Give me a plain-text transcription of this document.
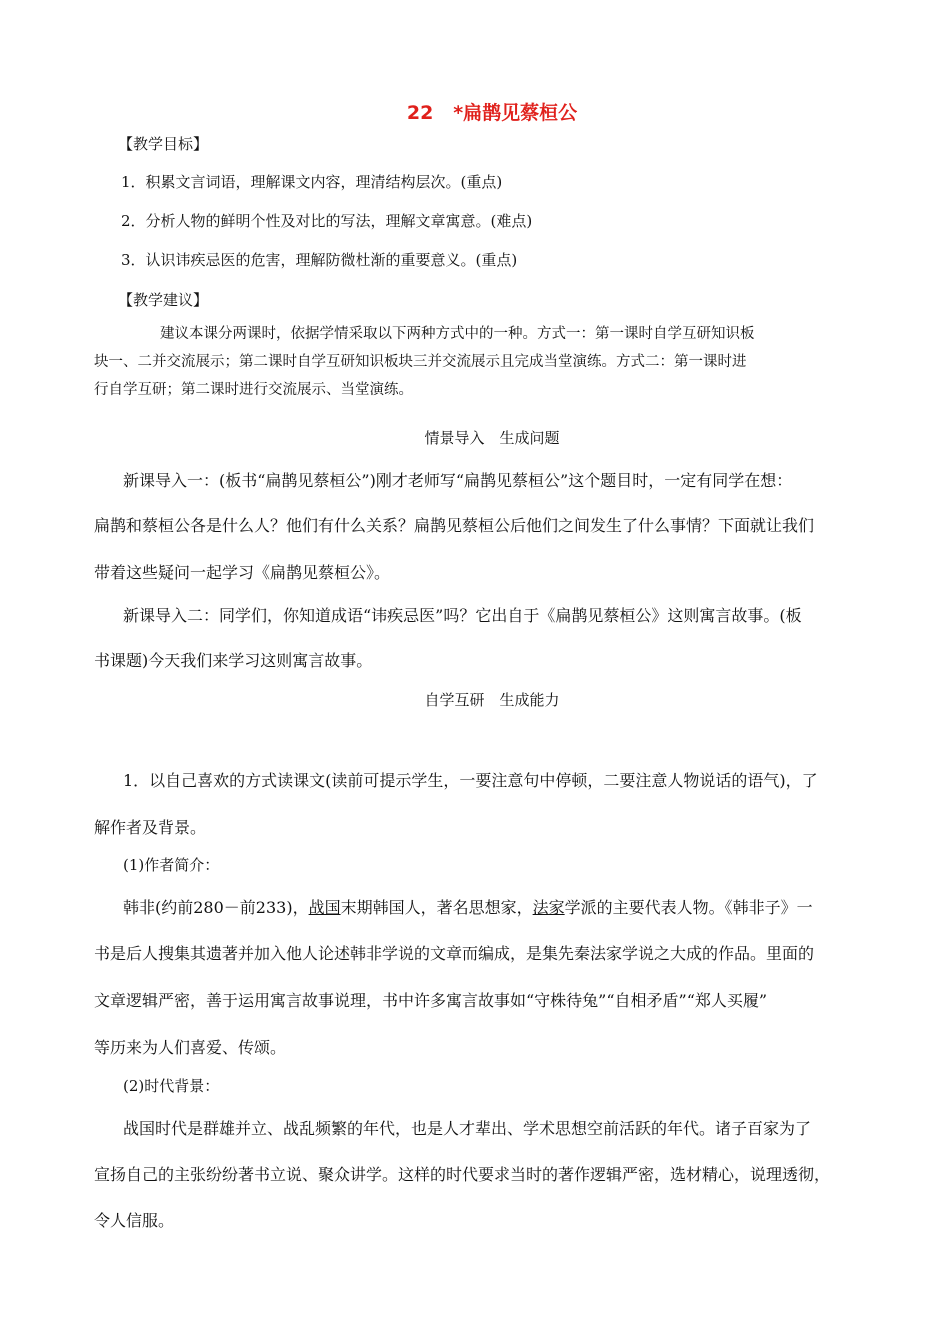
22 *扁鹊见蔡桓公
【教学目标】
1．积累文言词语，理解课文内容，理清结构层次。(重点)
2．分析人物的鲜明个性及对比的写法，理解文章寓意。(难点)
3．认识讳疾忌医的危害，理解防微杜渐的重要意义。(重点)
【教学建议】
建议本课分两课时，依据学情采取以下两种方式中的一种。方式一：第一课时自学互研知识板
块一、二并交流展示；第二课时自学互研知识板块三并交流展示且完成当堂演练。方式二：第一课时进
行自学互研；第二课时进行交流展示、当堂演练。
情景导入　生成问题
新课导入一：(板书“扁鹊见蔡桓公”)刚才老师写“扁鹊见蔡桓公”这个题目时，一定有同学在想：
扁鹊和蔡桓公各是什么人？他们有什么关系？扁鹊见蔡桓公后他们之间发生了什么事情？下面就让我们
带着这些疑问一起学习《扁鹊见蔡桓公》。
新课导入二：同学们，你知道成语“讳疾忌医”吗？它出自于《扁鹊见蔡桓公》这则寓言故事。(板
书课题)今天我们来学习这则寓言故事。
自学互研　生成能力
1．以自己喜欢的方式读课文(读前可提示学生，一要注意句中停顿，二要注意人物说话的语气)，了
解作者及背景。
(1)作者简介：
韩非(约前280－前233)，战国末期韩国人，著名思想家，法家学派的主要代表人物。《韩非子》一
书是后人搜集其遗著并加入他人论述韩非学说的文章而编成，是集先秦法家学说之大成的作品。里面的
文章逻辑严密，善于运用寓言故事说理，书中许多寓言故事如“守株待兔”“自相矛盾”“郑人买履”
等历来为人们喜爱、传颂。
(2)时代背景：
战国时代是群雄并立、战乱频繁的年代，也是人才辈出、学术思想空前活跃的年代。诸子百家为了
宣扬自己的主张纷纷著书立说、聚众讲学。这样的时代要求当时的著作逻辑严密，选材精心，说理透彻，
令人信服。
